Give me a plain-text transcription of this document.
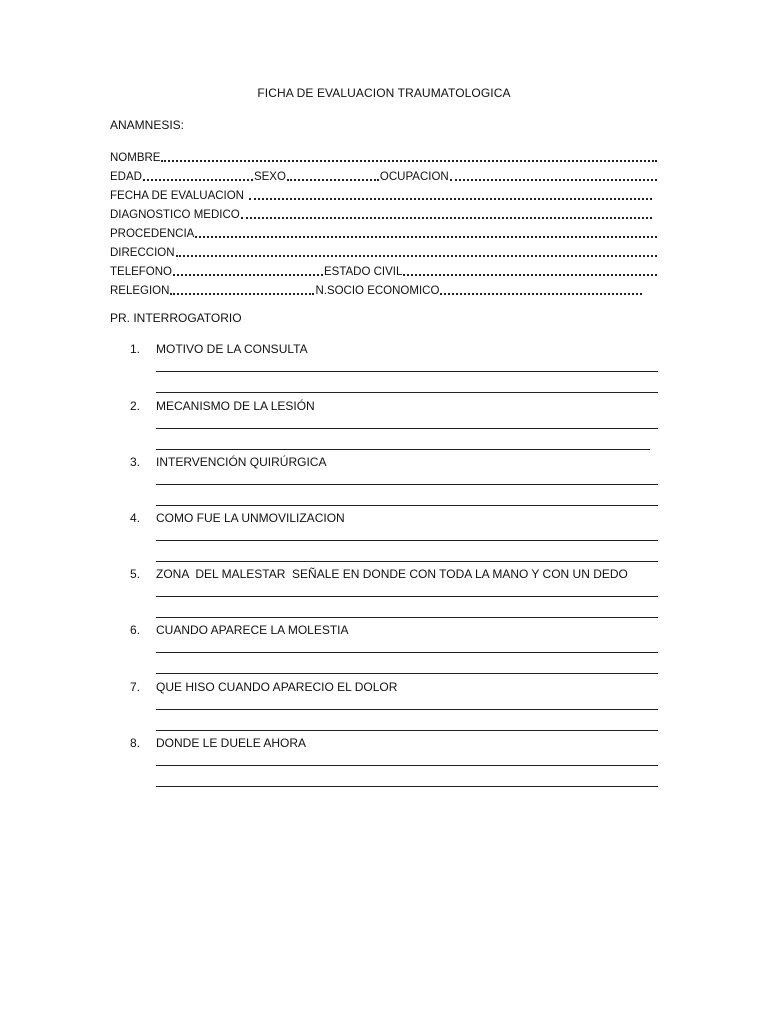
FICHA DE EVALUACION TRAUMATOLOGICA
ANAMNESIS:
NOMBRE
EDAD	SEXO	OCUPACION
FECHA DE EVALUACION
DIAGNOSTICO MEDICO
PROCEDENCIA
DIRECCION
TELEFONO	ESTADO CIVIL
RELEGION	N.SOCIO ECONOMICO
PR. INTERROGATORIO
1.	MOTIVO DE LA CONSULTA
2.	MECANISMO DE LA LESIÓN
3.	INTERVENCIÓN QUIRÚRGICA
4.	COMO FUE LA UNMOVILIZACION
5.	ZONA  DEL MALESTAR  SEÑALE EN DONDE CON TODA LA MANO Y CON UN DEDO
6.	CUANDO APARECE LA MOLESTIA
7.	QUE HISO CUANDO APARECIO EL DOLOR
8.	DONDE LE DUELE AHORA
